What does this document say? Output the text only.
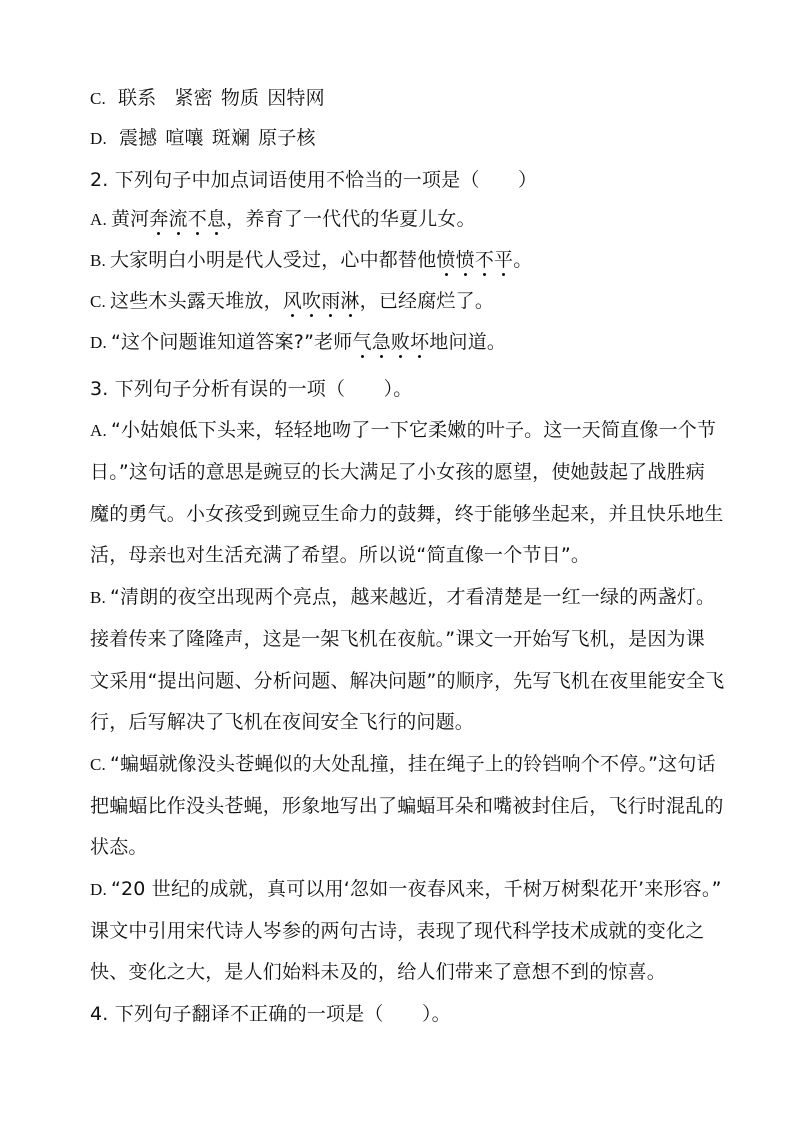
C. 联系 紧密 物质 因特网
D. 震撼 喧嚷 斑斓 原子核
2. 下列句子中加点词语使用不恰当的一项是（　　）
A. 黄河奔流不息，养育了一代代的华夏儿女。
B. 大家明白小明是代人受过，心中都替他愤愤不平。
C. 这些木头露天堆放，风吹雨淋，已经腐烂了。
D. “这个问题谁知道答案?”老师气急败坏地问道。
3. 下列句子分析有误的一项（　　）。
A. “小姑娘低下头来，轻轻地吻了一下它柔嫩的叶子。这一天简直像一个节
日。”这句话的意思是豌豆的长大满足了小女孩的愿望，使她鼓起了战胜病
魔的勇气。小女孩受到豌豆生命力的鼓舞，终于能够坐起来，并且快乐地生
活，母亲也对生活充满了希望。所以说“简直像一个节日”。
B. “清朗的夜空出现两个亮点，越来越近，才看清楚是一红一绿的两盏灯。
接着传来了隆隆声，这是一架飞机在夜航。”课文一开始写飞机，是因为课
文采用“提出问题、分析问题、解决问题”的顺序，先写飞机在夜里能安全飞
行，后写解决了飞机在夜间安全飞行的问题。
C. “蝙蝠就像没头苍蝇似的大处乱撞，挂在绳子上的铃铛响个不停。”这句话
把蝙蝠比作没头苍蝇，形象地写出了蝙蝠耳朵和嘴被封住后，飞行时混乱的
状态。
D. “20 世纪的成就，真可以用‘忽如一夜春风来，千树万树梨花开’来形容。”
课文中引用宋代诗人岑参的两句古诗，表现了现代科学技术成就的变化之
快、变化之大，是人们始料未及的，给人们带来了意想不到的惊喜。
4. 下列句子翻译不正确的一项是（　　）。
